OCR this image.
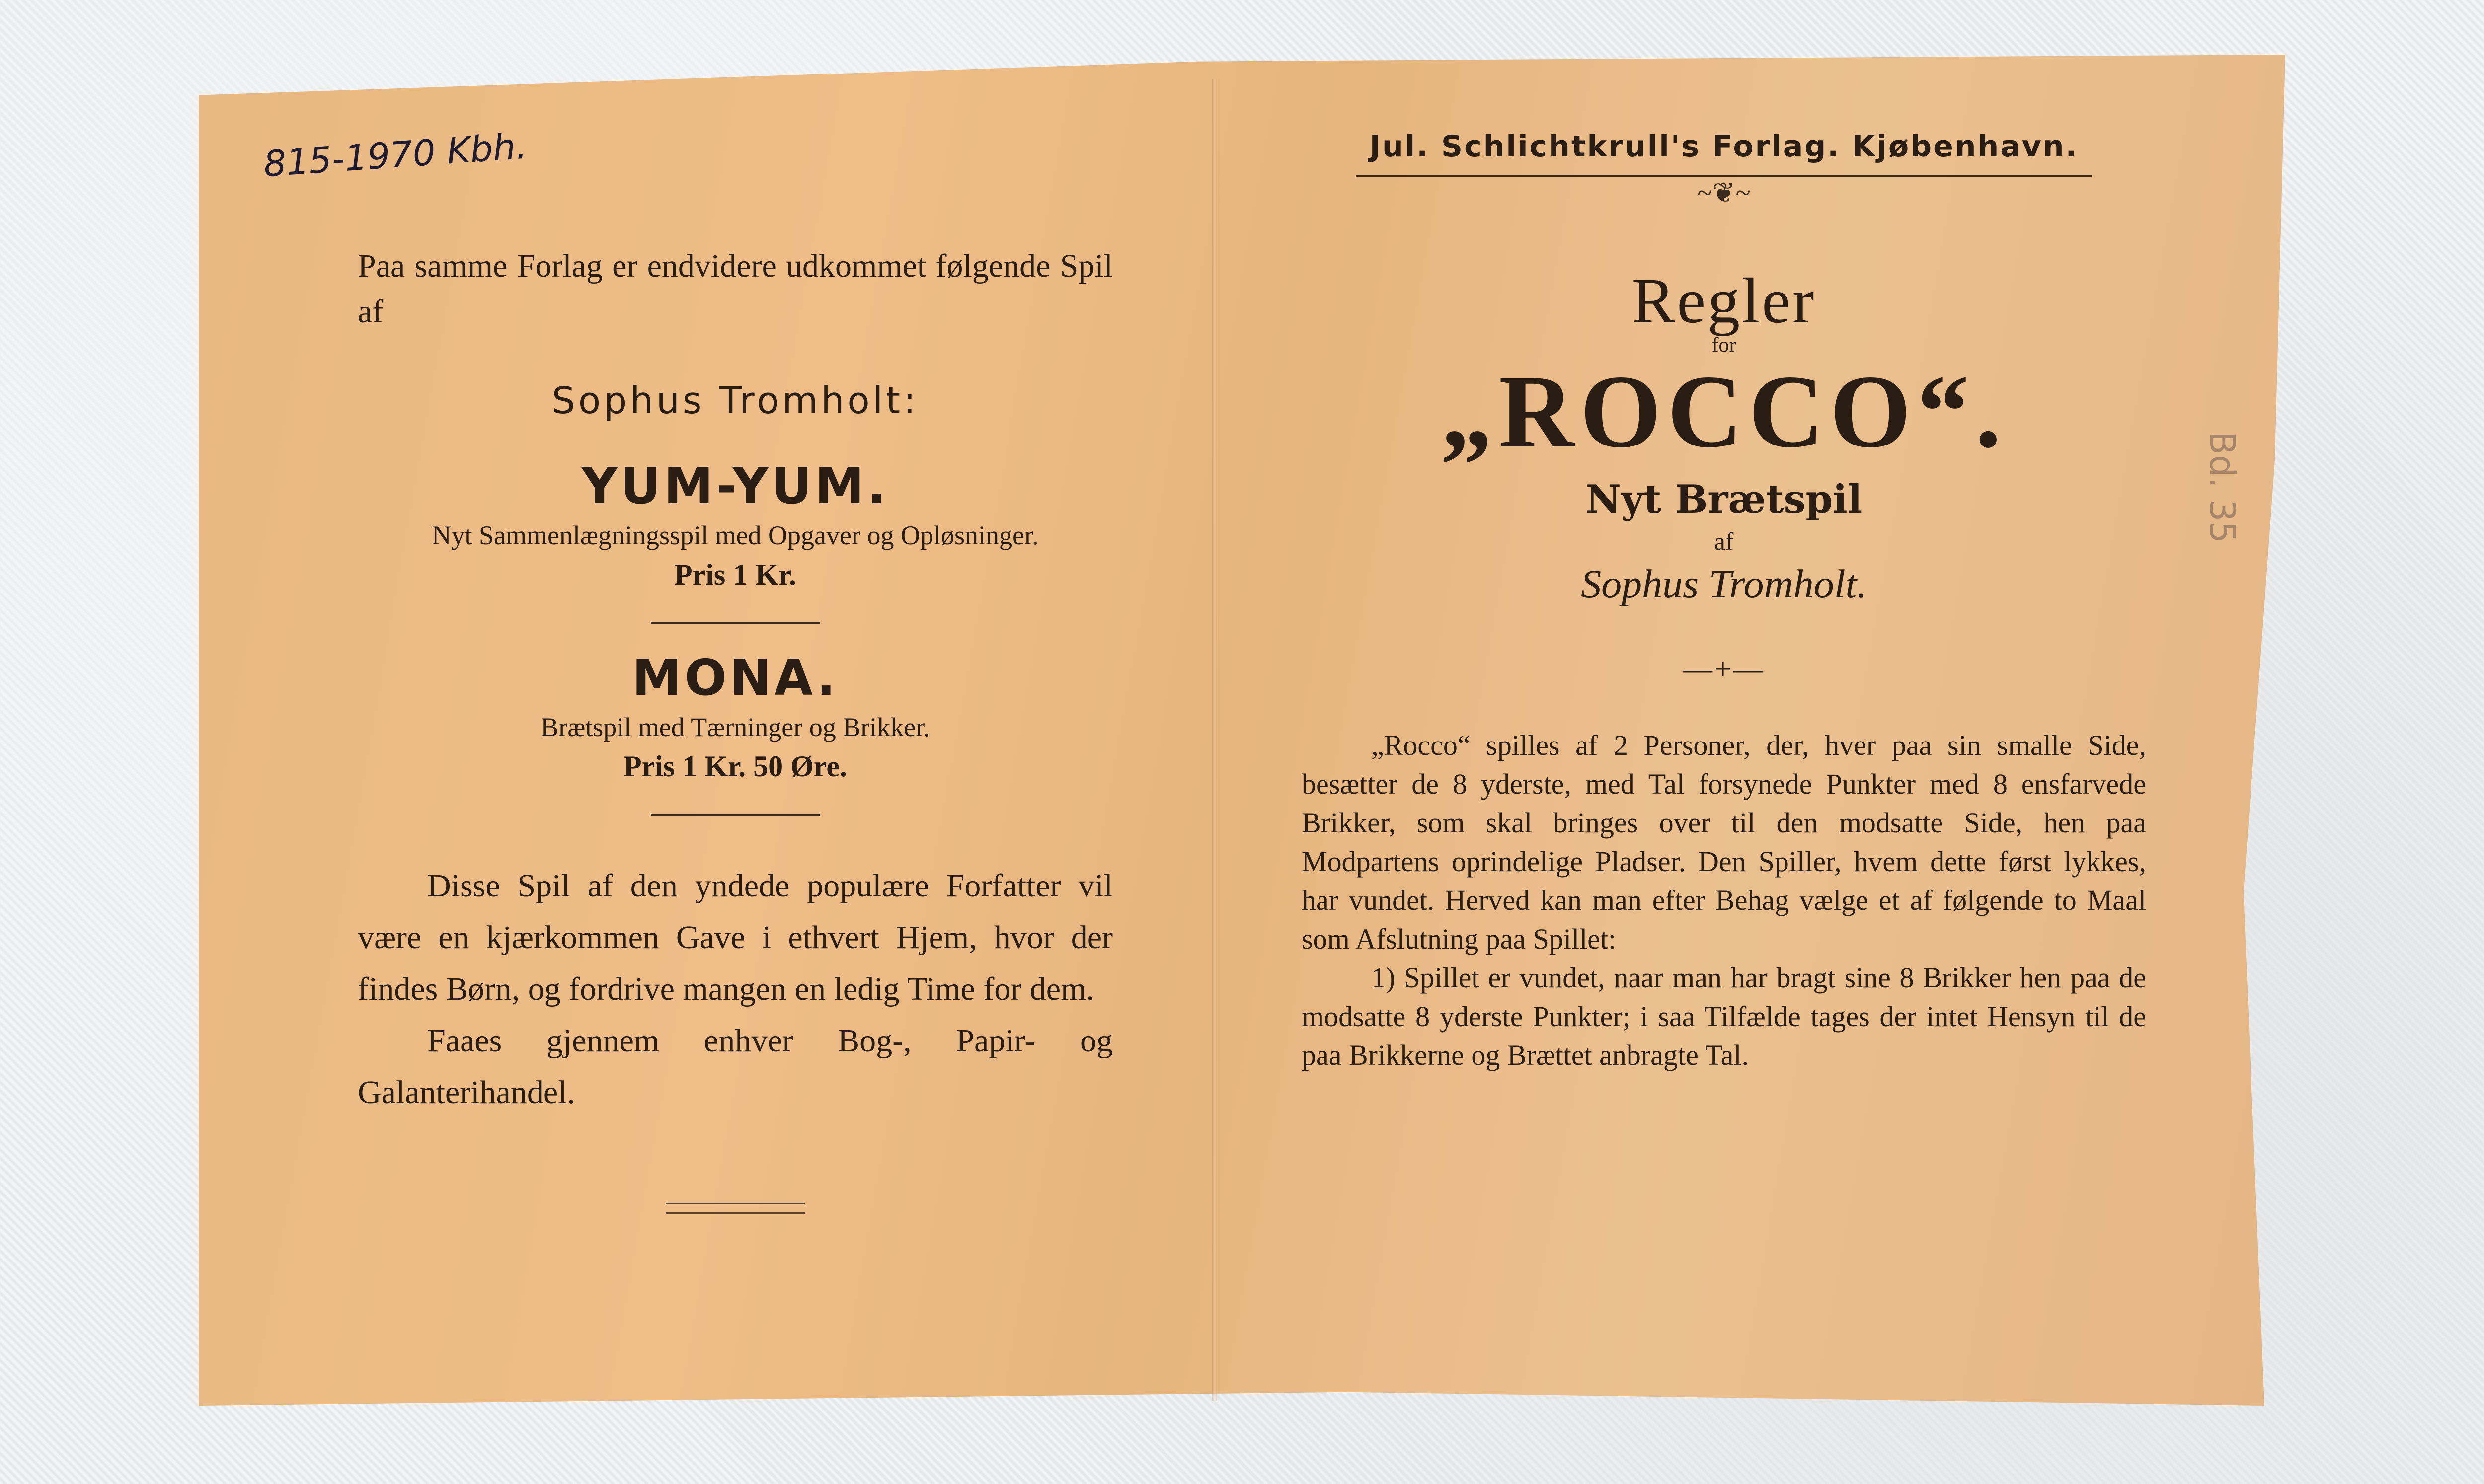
815-1970 Kbh.
Paa samme Forlag er endvidere udkommet følgende Spil af
Sophus Tromholt:
YUM-YUM.
Nyt Sammenlægningsspil med Opgaver og Opløsninger.
Pris 1 Kr.
MONA.
Brætspil med Tærninger og Brikker.
Pris 1 Kr. 50 Øre.
Disse Spil af den yndede populære Forfatter vil være en kjærkommen Gave i ethvert Hjem, hvor der findes Børn, og fordrive mangen en ledig Time for dem.
Faaes gjennem enhver Bog-, Papir- og Galanterihandel.
Jul. Schlichtkrull's Forlag. Kjøbenhavn.
~❦~
Regler
for
„ROCCO“.
Nyt Brætspil
af
Sophus Tromholt.
—+—
„Rocco“ spilles af 2 Personer, der, hver paa sin smalle Side, besætter de 8 yderste, med Tal forsynede Punkter med 8 ensfarvede Brikker, som skal bringes over til den modsatte Side, hen paa Modpartens oprindelige Pladser. Den Spiller, hvem dette først lykkes, har vundet. Herved kan man efter Behag vælge et af følgende to Maal som Afslutning paa Spillet:
1) Spillet er vundet, naar man har bragt sine 8 Brikker hen paa de modsatte 8 yderste Punkter; i saa Tilfælde tages der intet Hensyn til de paa Brikkerne og Brættet anbragte Tal.
Bd. 35
